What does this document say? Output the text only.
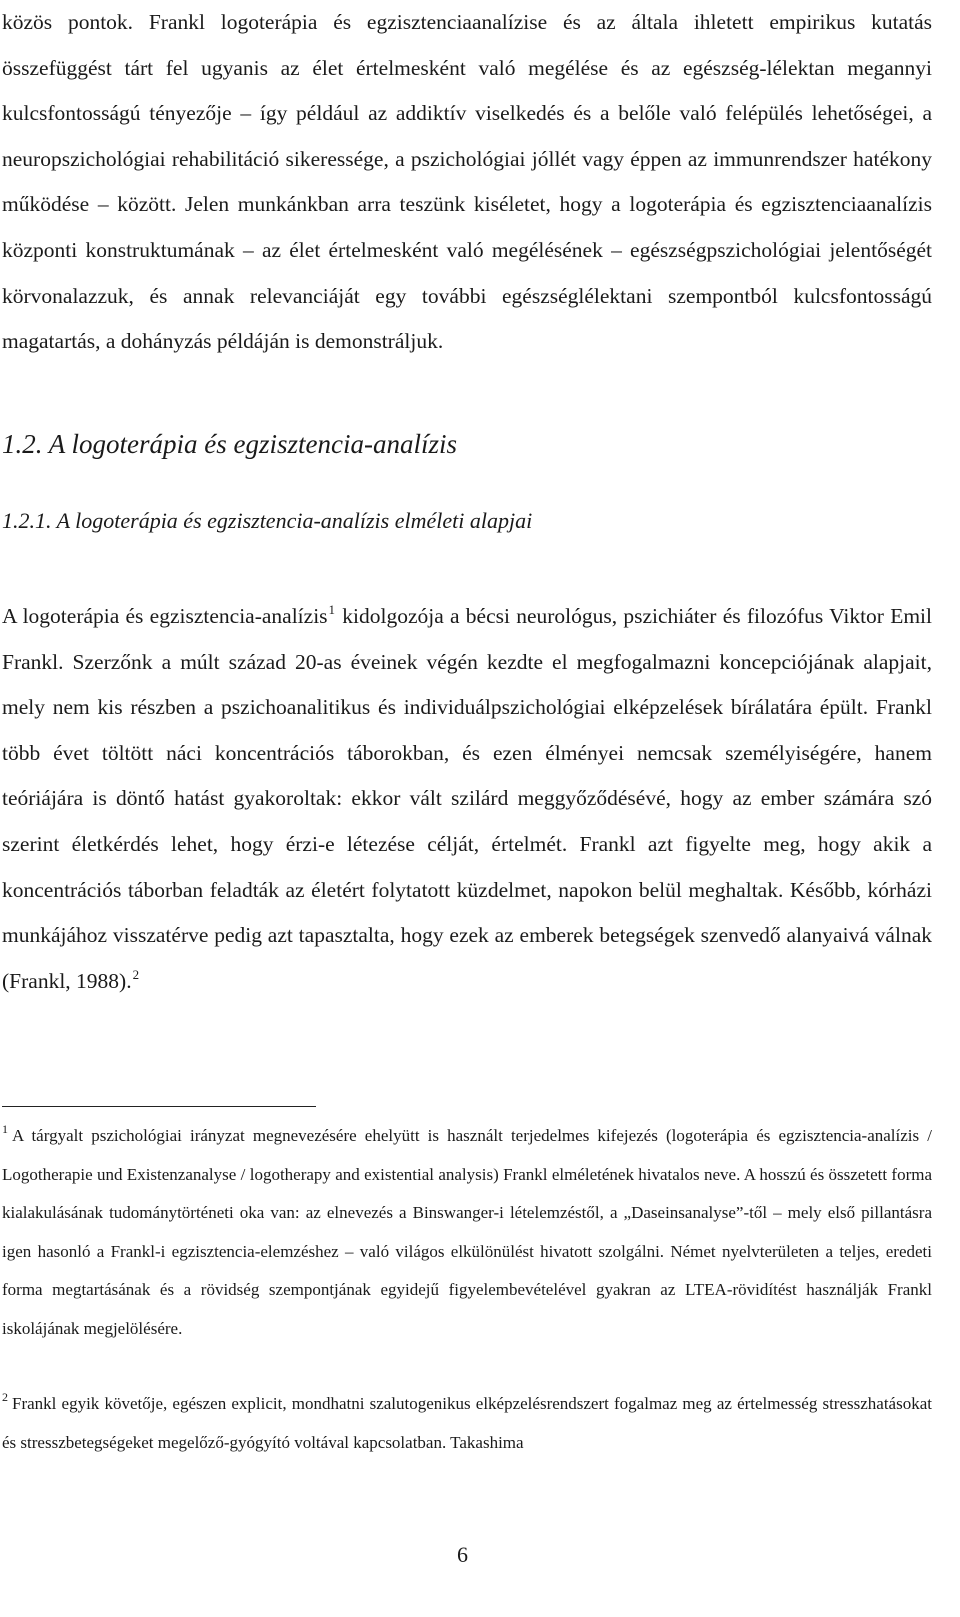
közös pontok. Frankl logoterápia és egzisztenciaanalízise és az általa ihletett empirikus kutatás összefüggést tárt fel ugyanis az élet értelmesként való megélése és az egészség-lélektan megannyi kulcsfontosságú tényezője – így például az addiktív viselkedés és a belőle való felépülés lehetőségei, a neuropszichológiai rehabilitáció sikeressége, a pszichológiai jóllét vagy éppen az immunrendszer hatékony működése – között. Jelen munkánkban arra teszünk kiséletet, hogy a logoterápia és egzisztenciaanalízis központi konstruktumának – az élet értelmesként való megélésének – egészségpszichológiai jelentőségét körvonalazzuk, és annak relevanciáját egy további egészséglélektani szempontból kulcsfontosságú magatartás, a dohányzás példáján is demonstráljuk.

1.2. A logoterápia és egzisztencia-analízis
1.2.1. A logoterápia és egzisztencia-analízis elméleti alapjai

A logoterápia és egzisztencia-analízis$^1$ kidolgozója a bécsi neurológus, pszichiáter és filozófus Viktor Emil Frankl. Szerzőnk a múlt század 20-as éveinek végén kezdte el megfogalmazni koncepciójának alapjait, mely nem kis részben a pszichoanalitikus és individuálpszichológiai elképzelések bírálatára épült. Frankl több évet töltött náci koncentrációs táborokban, és ezen élményei nemcsak személyiségére, hanem teóriájára is döntő hatást gyakoroltak: ekkor vált szilárd meggyőződésévé, hogy az ember számára szó szerint életkérdés lehet, hogy érzi-e létezése célját, értelmét. Frankl azt figyelte meg, hogy akik a koncentrációs táborban feladták az életért folytatott küzdelmet, napokon belül meghaltak. Később, kórházi munkájához visszatérve pedig azt tapasztalta, hogy ezek az emberek betegségek szenvedő alanyaivá válnak (Frankl, 1988).$^2$

$^1$ A tárgyalt pszichológiai irányzat megnevezésére ehelyütt is használt terjedelmes kifejezés (logoterápia és egzisztencia-analízis / Logotherapie und Existenzanalyse / logotherapy and existential analysis) Frankl elméletének hivatalos neve. A hosszú és összetett forma kialakulásának tudománytörténeti oka van: az elnevezés a Binswanger-i lételemzéstől, a „Daseinsanalyse”-től – mely első pillantásra igen hasonló a Frankl-i egzisztencia-elemzéshez – való világos elkülönülést hivatott szolgálni. Német nyelvterületen a teljes, eredeti forma megtartásának és a rövidség szempontjának egyidejű figyelembevételével gyakran az LTEA-rövidítést használják Frankl iskolájának megjelölésére.

$^2$ Frankl egyik követője, egészen explicit, mondhatni szalutogenikus elképzelésrendszert fogalmaz meg az értelmesség stresszhatásokat és stresszbetegségeket megelőző-gyógyító voltával kapcsolatban. Takashima

6
